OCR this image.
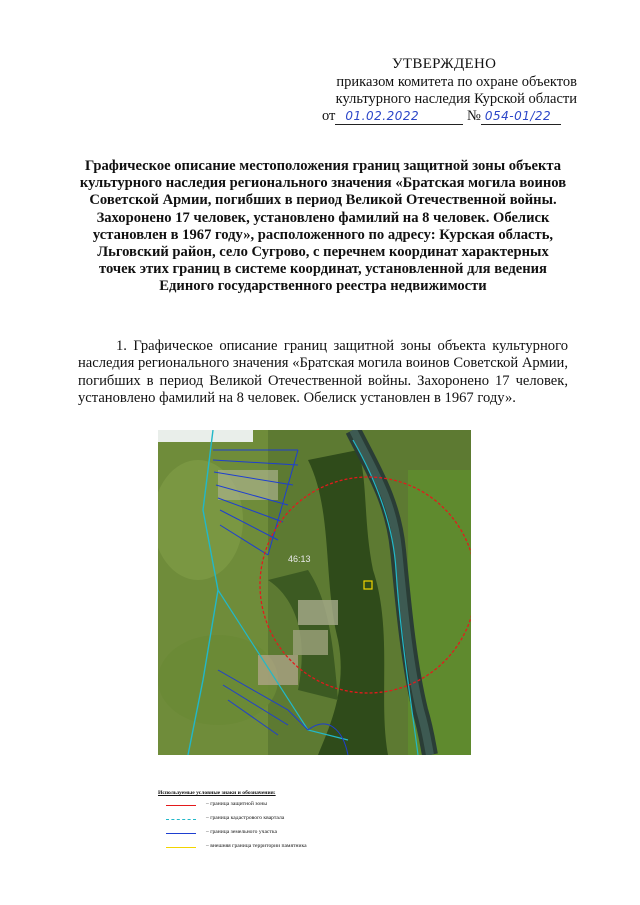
УТВЕРЖДЕНО
приказом комитета по охране объектов
культурного наследия Курской области
от 01.02.2022	№ 054-01/22
Графическое описание местоположения границ защитной зоны объекта культурного наследия регионального значения «Братская могила воинов Советской Армии, погибших в период Великой Отечественной войны. Захоронено 17 человек, установлено фамилий на 8 человек. Обелиск установлен в 1967 году», расположенного по адресу: Курская область, Льговский район, село Сугрово, с перечнем координат характерных точек этих границ в системе координат, установленной для ведения Единого государственного реестра недвижимости
1. Графическое описание границ защитной зоны объекта культурного наследия регионального значения «Братская могила воинов Советской Армии, погибших в период Великой Отечественной войны. Захоронено 17 человек, установлено фамилий на 8 человек. Обелиск установлен в 1967 году».
46:13
Используемые условные знаки и обозначения:
– граница защитной зоны
– граница кадастрового квартала
– граница земельного участка
– внешняя граница территории памятника
